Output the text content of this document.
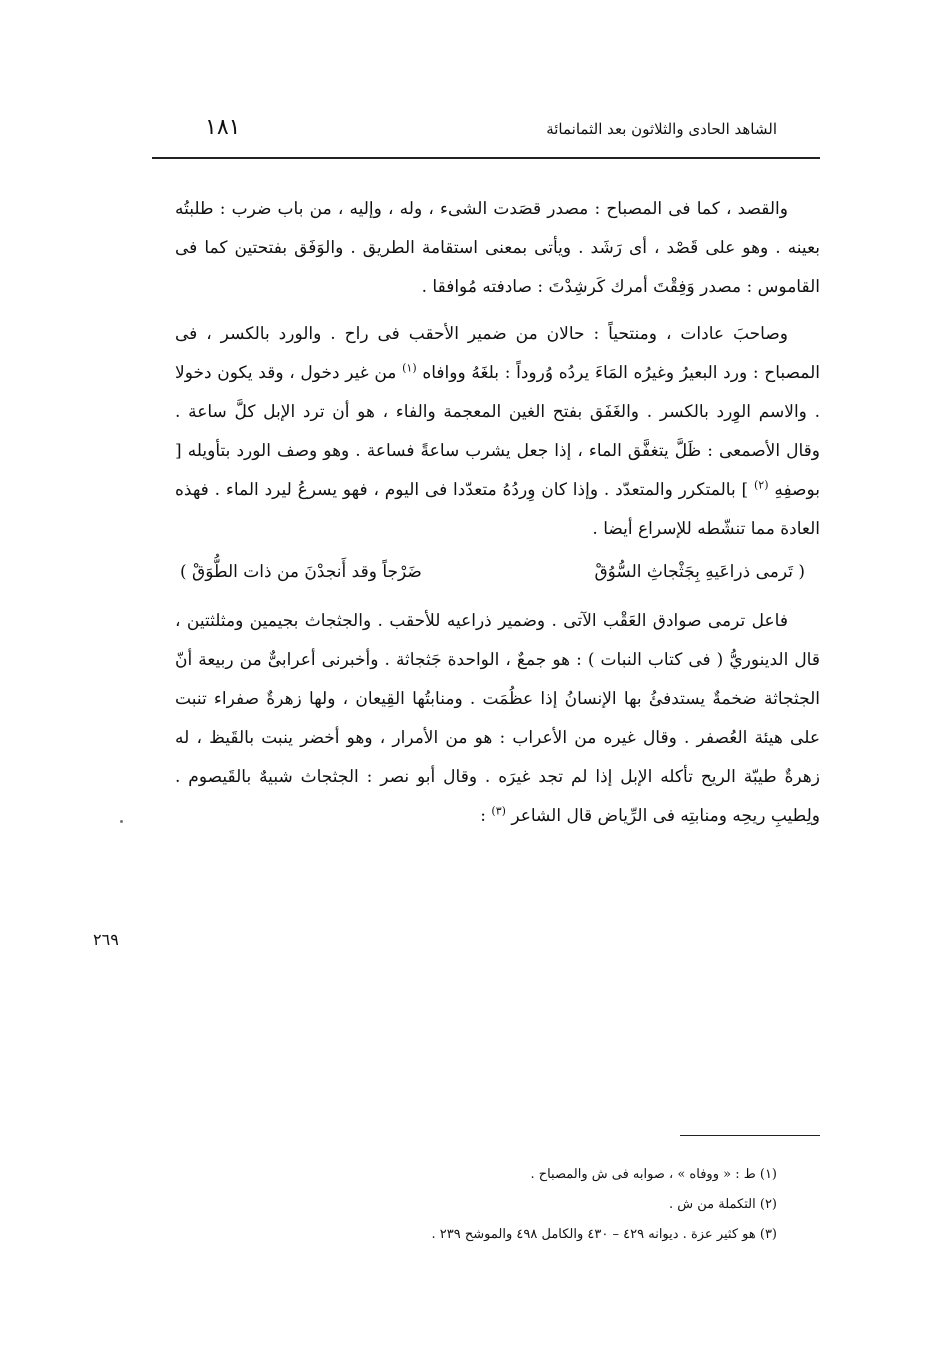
الشاهد الحادى والثلاثون بعد الثمانمائة
١٨١

والقصد ، كما فى المصباح : مصدر قصَدت الشىء ، وله ، وإليه ، من باب ضرب : طلبتُه بعينه . وهو على قَصْد ، أى رَشَد . ويأتى بمعنى استقامة الطريق . والوَفَق بفتحتين كما فى القاموس : مصدر وَفِقْتَ أمرك كَرشِدْتَ : صادفته مُوافقا .

وصاحبَ عادات ، ومنتحياً : حالان من ضمير الأحقب فى راح . والورد بالكسر ، فى المصباح : ورد البعيرُ وغيرُه المَاءَ يردُه وُروداً : بلغَهُ ووافاه $^{(١)}$ من غير دخول ، وقد يكون دخولا . والاسم الوِرد بالكسر . والغَفَق بفتح الغين المعجمة والفاء ، هو أن ترد الإبل كلَّ ساعة . وقال الأصمعى : ظَلَّ يتغفَّق الماء ، إذا جعل يشرب ساعةً فساعة . وهو وصف الورد بتأويله [ بوصفِهِ $^{(٢)}$ ] بالمتكرر والمتعدّد . وإذا كان وِردُهُ متعدّدا فى اليوم ، فهو يسرعُ ليرد الماء . فهذه العادة مما تنشّطه للإسراع أيضا .

( تَرمى ذراعَيهِ بِجَثْجاثِ السُّوُقْ
ضَرْجاً وقد أَنجدْنَ من ذات الطُّوَقْ )

فاعل ترمى صوادق العَقْب الآتى . وضمير ذراعيه للأحقب . والجثجاث بجيمين ومثلثتين ، قال الدينوريُّ ( فى كتاب النبات ) : هو جمعٌ ، الواحدة جَثجاثة . وأخبرنى أعرابىٌّ من ربيعة أنّ الجثجاثة ضخمةٌ يستدفئُ بها الإنسانُ إذا عظُمَت . ومنابتُها القِيعان ، ولها زهرةٌ صفراء تنبت على هيئة العُصفر . وقال غيره من الأعراب : هو من الأمرار ، وهو أخضر ينبت بالقَيظ ، له زهرةٌ طيبّة الريح تأكله الإبل إذا لم تجد غيرَه . وقال أبو نصر : الجثجاث شبيهٌ بالقَيصوم . ولِطيبِ ريحِه ومنابتِه فى الرِّياض قال الشاعر $^{(٣)}$ :

٢٦٩
(١) ط : « ووفاه » ، صوابه فى ش والمصباح .
(٢) التكملة من ش .
(٣) هو كثير عزة . ديوانه ٤٢٩ – ٤٣٠ والكامل ٤٩٨ والموشح ٢٣٩ .
